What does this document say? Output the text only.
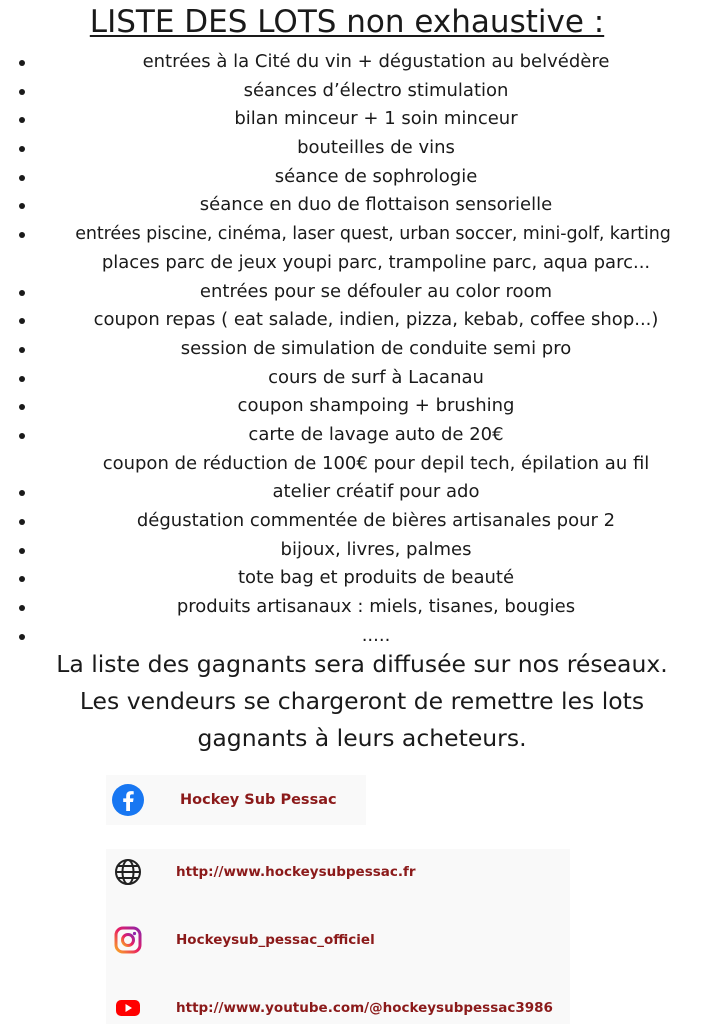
LISTE DES LOTS non exhaustive :
entrées à la Cité du vin + dégustation au belvédère
séances d’électro stimulation
bilan minceur + 1 soin minceur
bouteilles de vins
séance de sophrologie
séance en duo de flottaison sensorielle
entrées piscine, cinéma, laser quest, urban soccer, mini-golf, karting
places parc de jeux youpi parc, trampoline parc, aqua parc...
entrées pour se défouler au color room
coupon repas ( eat salade, indien, pizza, kebab, coffee shop...)
session de simulation de conduite semi pro
cours de surf à Lacanau
coupon shampoing + brushing
carte de lavage auto de 20€
coupon de réduction de 100€ pour depil tech, épilation au fil
atelier créatif pour ado
dégustation commentée de bières artisanales pour 2
bijoux, livres, palmes
tote bag et produits de beauté
produits artisanaux : miels, tisanes, bougies
.....
La liste des gagnants sera diffusée sur nos réseaux.
Les vendeurs se chargeront de remettre les lots
gagnants à leurs acheteurs.
Hockey Sub Pessac
http://www.hockeysubpessac.fr
Hockeysub_pessac_officiel
http://www.youtube.com/@hockeysubpessac3986
